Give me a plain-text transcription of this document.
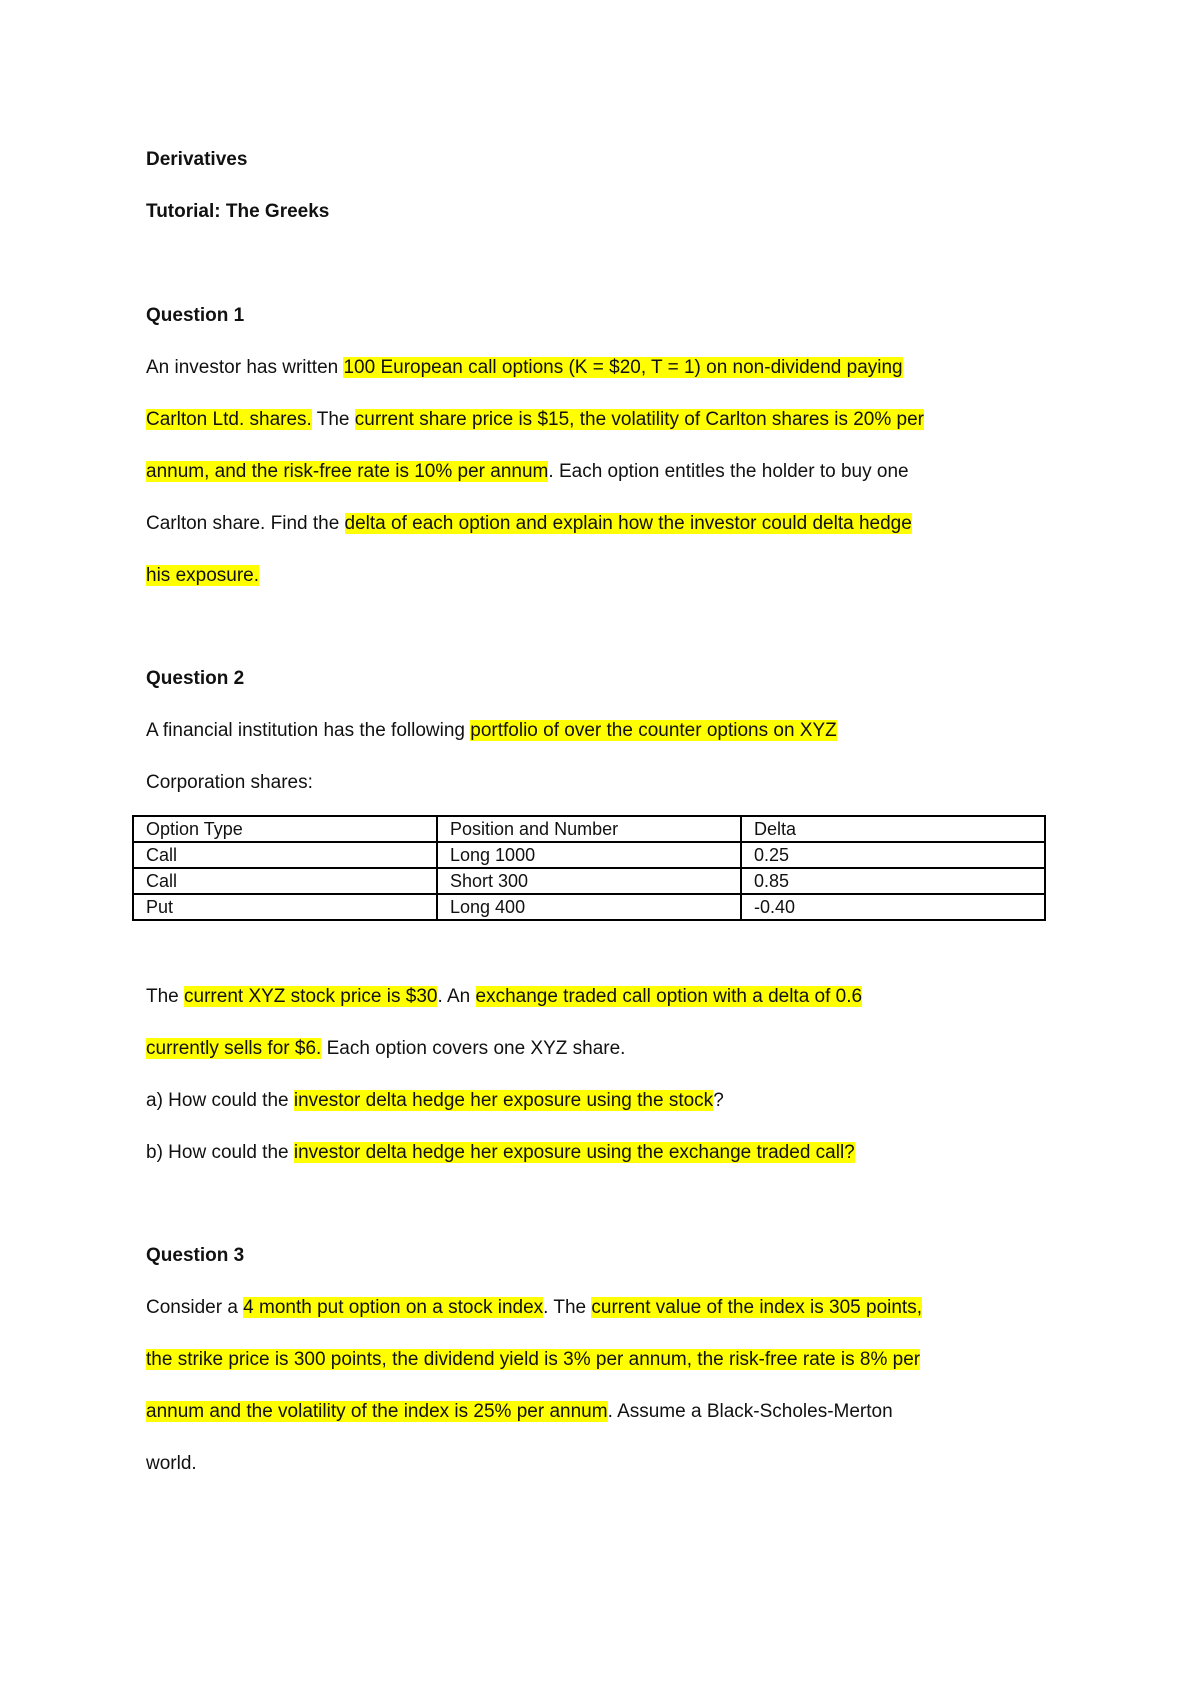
Derivatives
Tutorial: The Greeks
Question 1
An investor has written 100 European call options (K = $20, T = 1) on non-dividend paying
Carlton Ltd. shares. The current share price is $15, the volatility of Carlton shares is 20% per
annum, and the risk-free rate is 10% per annum. Each option entitles the holder to buy one
Carlton share. Find the delta of each option and explain how the investor could delta hedge
his exposure.
Question 2
A financial institution has the following portfolio of over the counter options on XYZ
Corporation shares:
Option Type	Position and Number	Delta
Call	Long 1000	0.25
Call	Short 300	0.85
Put	Long 400	-0.40
The current XYZ stock price is $30. An exchange traded call option with a delta of 0.6
currently sells for $6. Each option covers one XYZ share.
a) How could the investor delta hedge her exposure using the stock?
b) How could the investor delta hedge her exposure using the exchange traded call?
Question 3
Consider a 4 month put option on a stock index. The current value of the index is 305 points,
the strike price is 300 points, the dividend yield is 3% per annum, the risk-free rate is 8% per
annum and the volatility of the index is 25% per annum. Assume a Black-Scholes-Merton
world.
